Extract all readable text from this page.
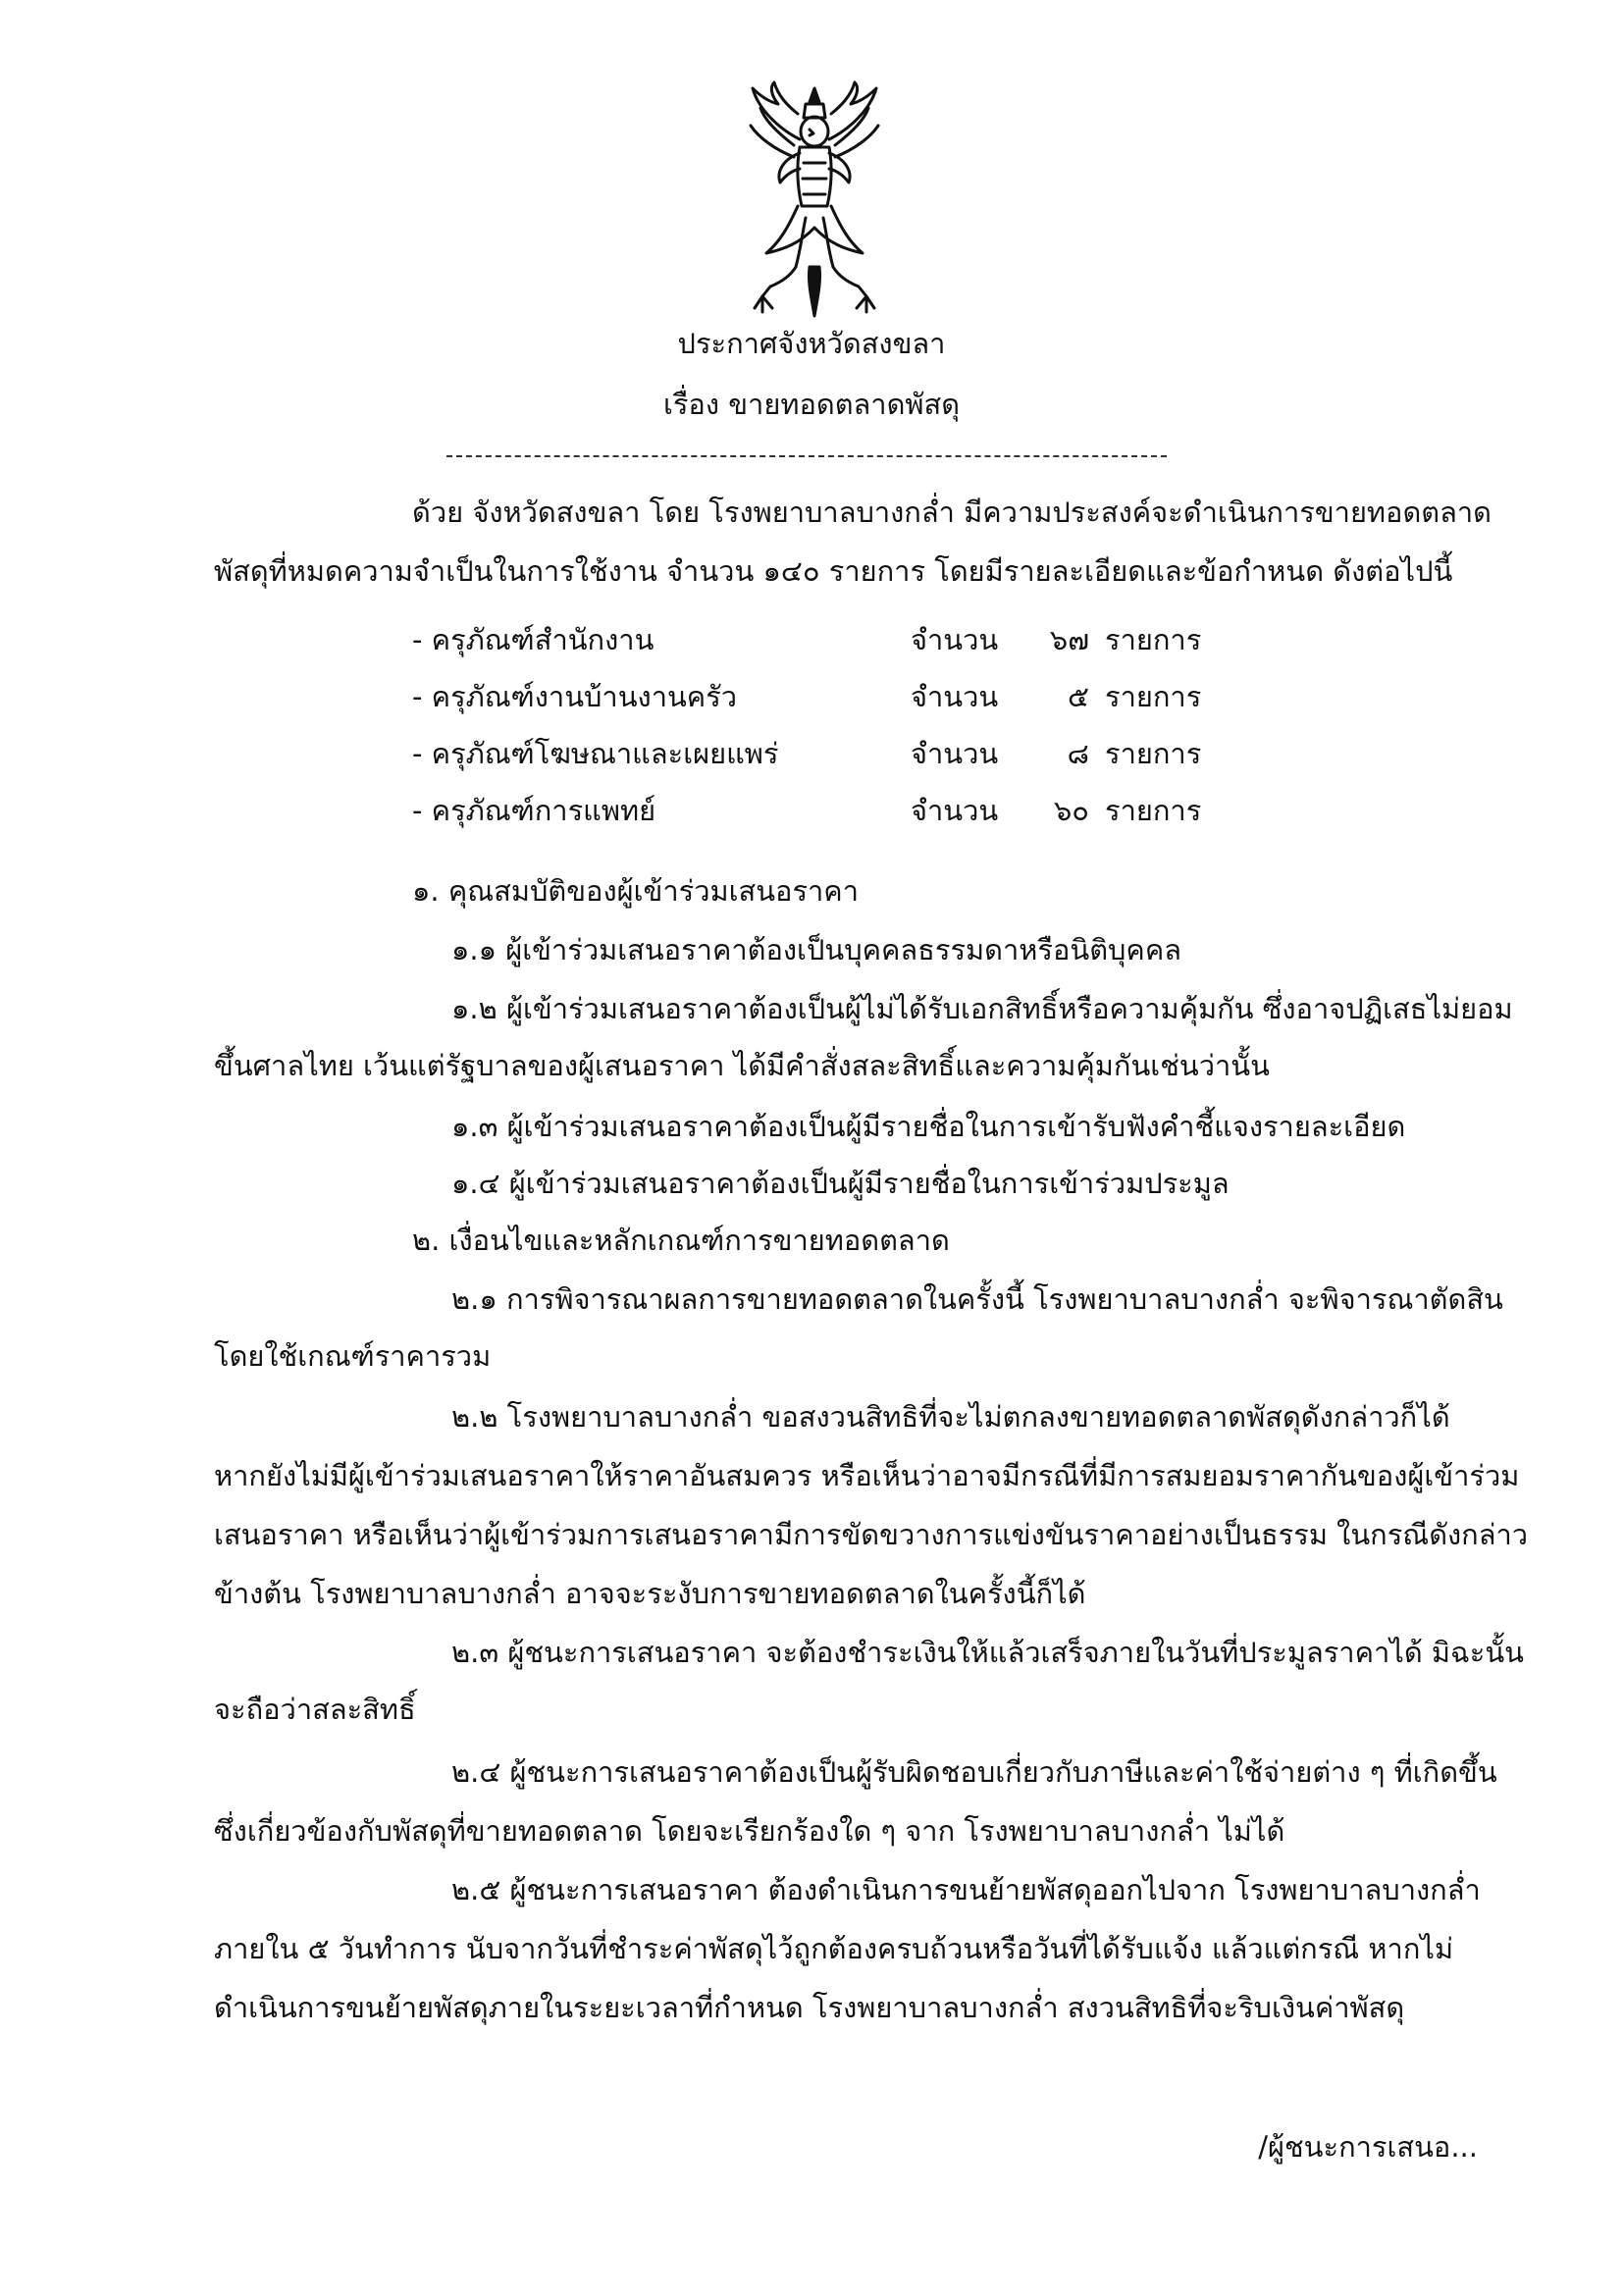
ประกาศจังหวัดสงขลา
เรื่อง ขายทอดตลาดพัสดุ
ด้วย จังหวัดสงขลา โดย โรงพยาบาลบางกล่ำ มีความประสงค์จะดำเนินการขายทอดตลาด
พัสดุที่หมดความจำเป็นในการใช้งาน จำนวน ๑๔๐ รายการ โดยมีรายละเอียดและข้อกำหนด ดังต่อไปนี้
- ครุภัณฑ์สำนักงาน	จำนวน	๖๗ รายการ
- ครุภัณฑ์งานบ้านงานครัว	จำนวน	๕ รายการ
- ครุภัณฑ์โฆษณาและเผยแพร่	จำนวน	๘ รายการ
- ครุภัณฑ์การแพทย์	จำนวน	๖๐ รายการ
๑. คุณสมบัติของผู้เข้าร่วมเสนอราคา
๑.๑ ผู้เข้าร่วมเสนอราคาต้องเป็นบุคคลธรรมดาหรือนิติบุคคล
๑.๒ ผู้เข้าร่วมเสนอราคาต้องเป็นผู้ไม่ได้รับเอกสิทธิ์หรือความคุ้มกัน ซึ่งอาจปฏิเสธไม่ยอม
ขึ้นศาลไทย เว้นแต่รัฐบาลของผู้เสนอราคา ได้มีคำสั่งสละสิทธิ์และความคุ้มกันเช่นว่านั้น
๑.๓ ผู้เข้าร่วมเสนอราคาต้องเป็นผู้มีรายชื่อในการเข้ารับฟังคำชี้แจงรายละเอียด
๑.๔ ผู้เข้าร่วมเสนอราคาต้องเป็นผู้มีรายชื่อในการเข้าร่วมประมูล
๒. เงื่อนไขและหลักเกณฑ์การขายทอดตลาด
๒.๑ การพิจารณาผลการขายทอดตลาดในครั้งนี้ โรงพยาบาลบางกล่ำ จะพิจารณาตัดสิน
โดยใช้เกณฑ์ราคารวม
๒.๒ โรงพยาบาลบางกล่ำ ขอสงวนสิทธิที่จะไม่ตกลงขายทอดตลาดพัสดุดังกล่าวก็ได้
หากยังไม่มีผู้เข้าร่วมเสนอราคาให้ราคาอันสมควร หรือเห็นว่าอาจมีกรณีที่มีการสมยอมราคากันของผู้เข้าร่วม
เสนอราคา หรือเห็นว่าผู้เข้าร่วมการเสนอราคามีการขัดขวางการแข่งขันราคาอย่างเป็นธรรม ในกรณีดังกล่าว
ข้างต้น โรงพยาบาลบางกล่ำ อาจจะระงับการขายทอดตลาดในครั้งนี้ก็ได้
๒.๓ ผู้ชนะการเสนอราคา จะต้องชำระเงินให้แล้วเสร็จภายในวันที่ประมูลราคาได้ มิฉะนั้น
จะถือว่าสละสิทธิ์
๒.๔ ผู้ชนะการเสนอราคาต้องเป็นผู้รับผิดชอบเกี่ยวกับภาษีและค่าใช้จ่ายต่าง ๆ ที่เกิดขึ้น
ซึ่งเกี่ยวข้องกับพัสดุที่ขายทอดตลาด โดยจะเรียกร้องใด ๆ จาก โรงพยาบาลบางกล่ำ ไม่ได้
๒.๕ ผู้ชนะการเสนอราคา ต้องดำเนินการขนย้ายพัสดุออกไปจาก โรงพยาบาลบางกล่ำ
ภายใน ๕ วันทำการ นับจากวันที่ชำระค่าพัสดุไว้ถูกต้องครบถ้วนหรือวันที่ได้รับแจ้ง แล้วแต่กรณี หากไม่
ดำเนินการขนย้ายพัสดุภายในระยะเวลาที่กำหนด โรงพยาบาลบางกล่ำ สงวนสิทธิที่จะริบเงินค่าพัสดุ
/ผู้ชนะการเสนอ...
